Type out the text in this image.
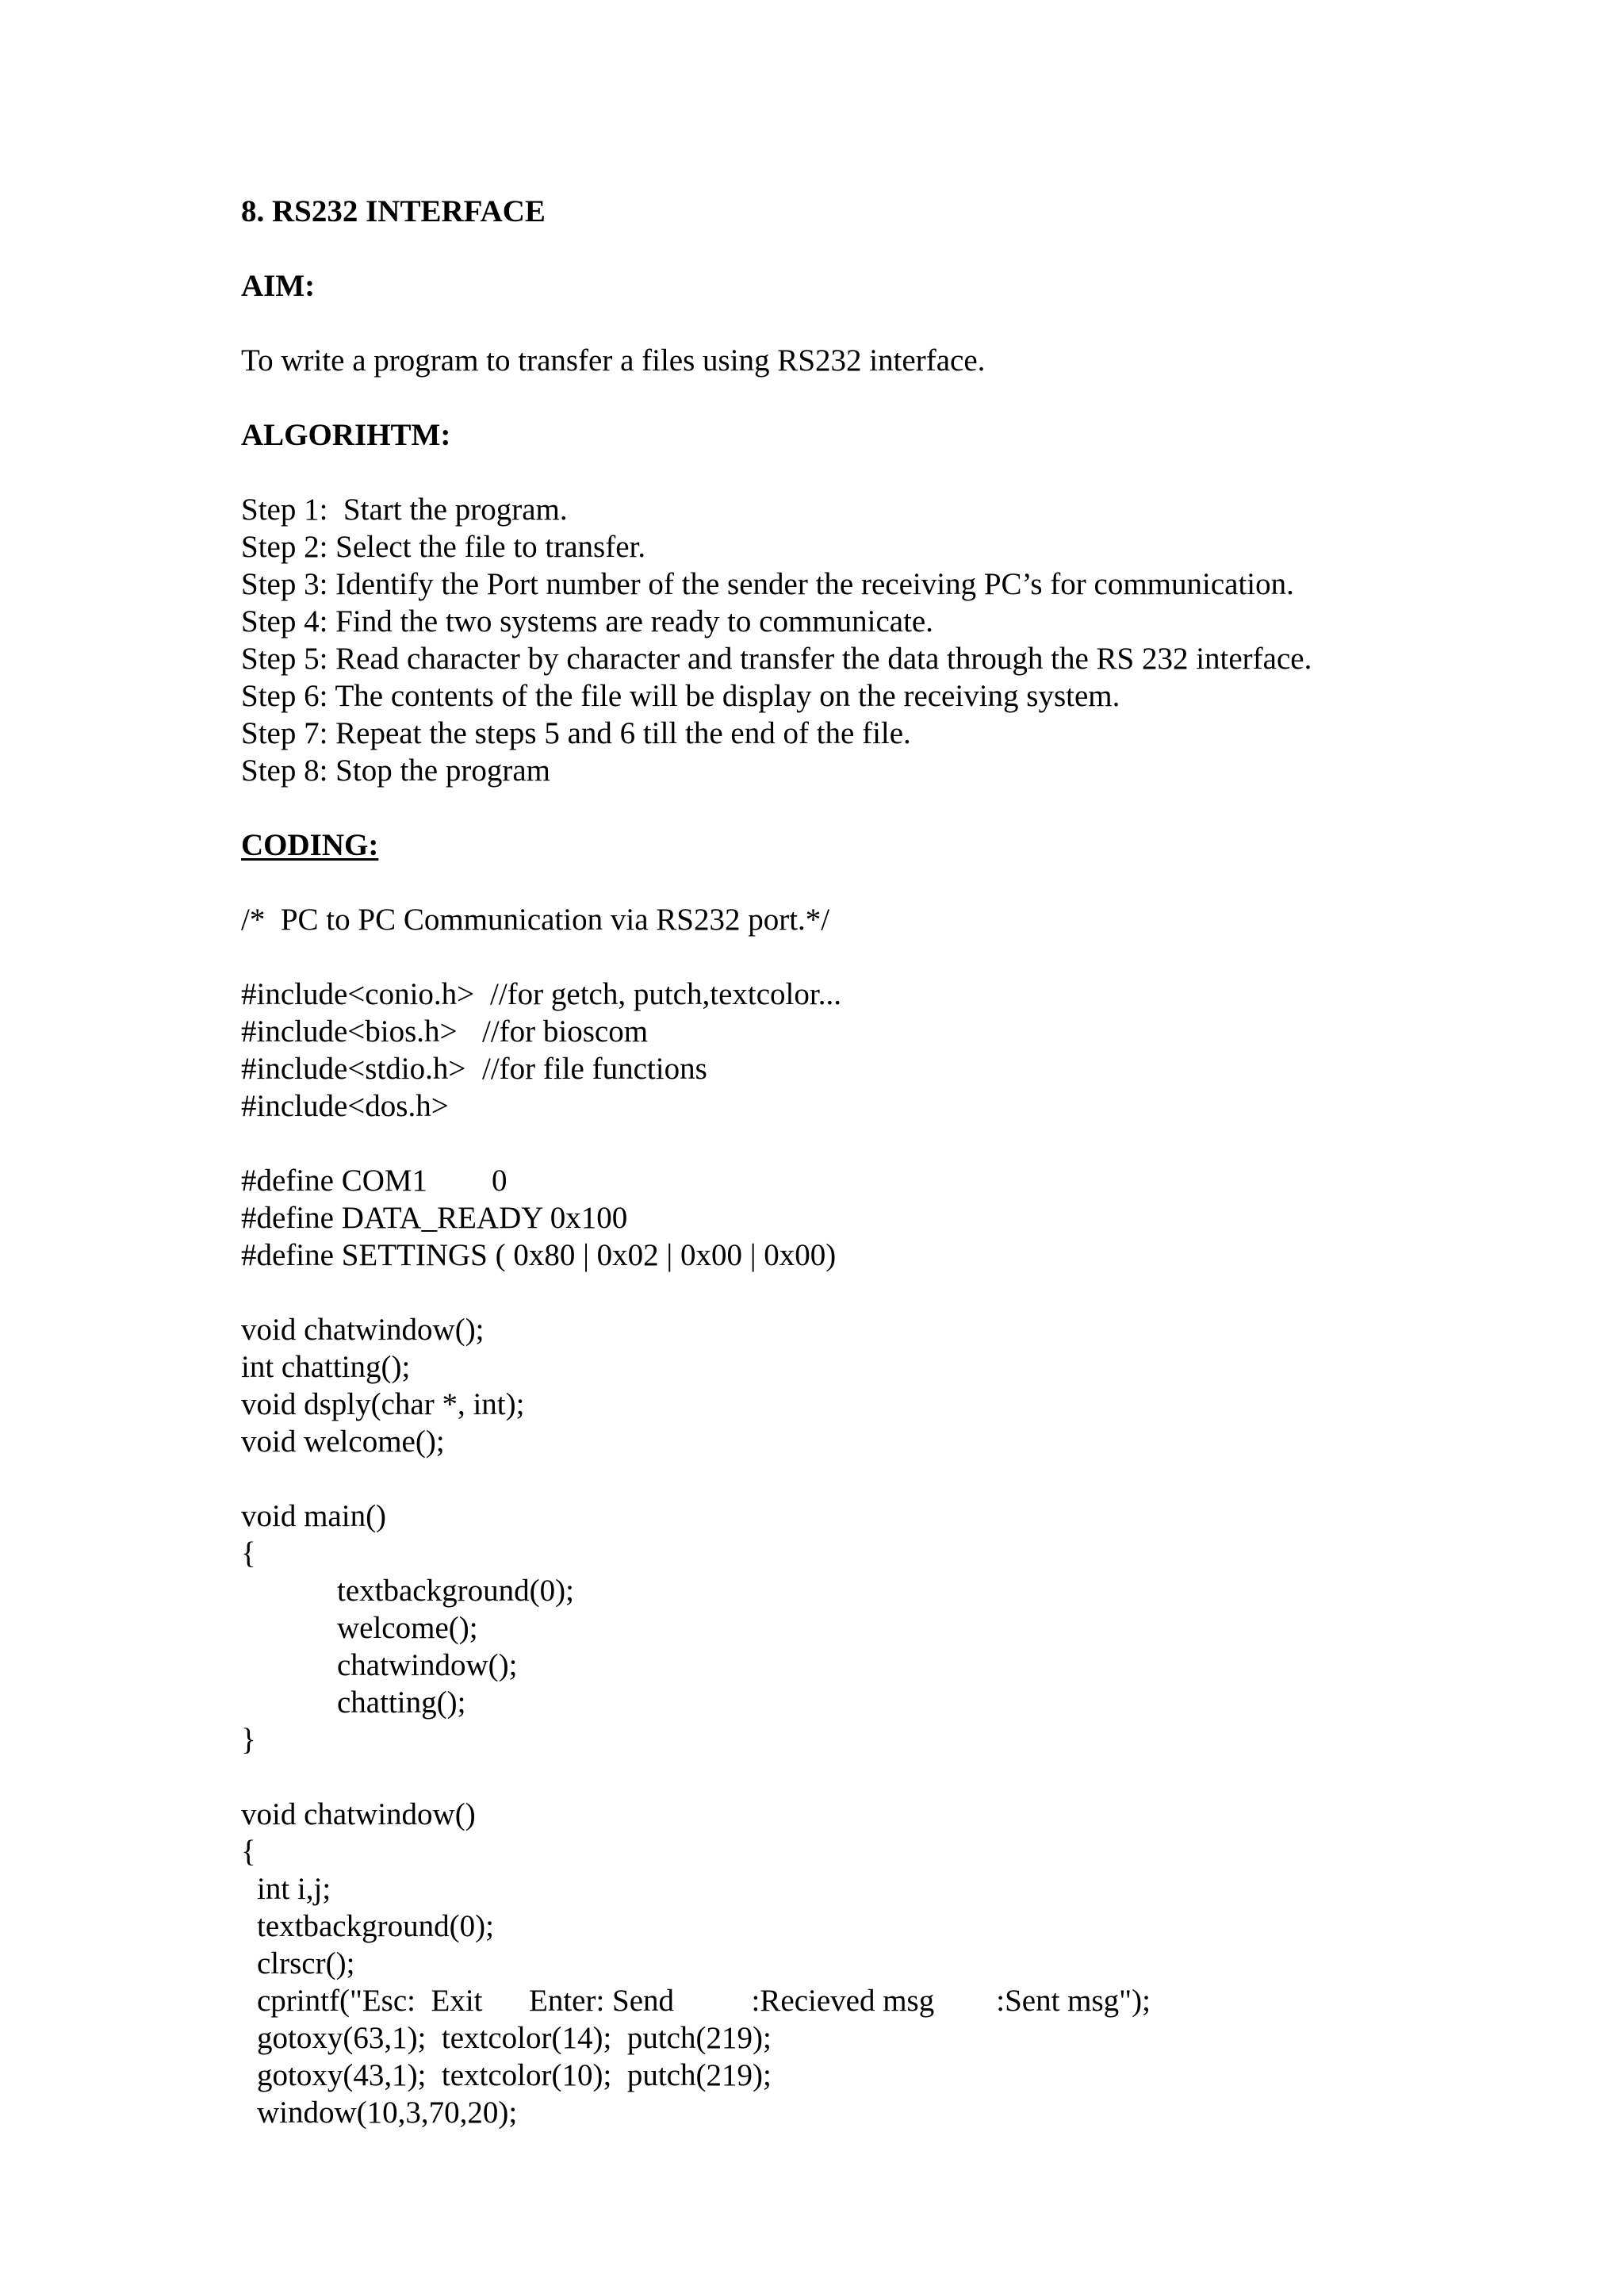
8. RS232 INTERFACE
AIM:
To write a program to transfer a files using RS232 interface.
ALGORIHTM:
Step 1:  Start the program.
Step 2: Select the file to transfer.
Step 3: Identify the Port number of the sender the receiving PC’s for communication.
Step 4: Find the two systems are ready to communicate.
Step 5: Read character by character and transfer the data through the RS 232 interface.
Step 6: The contents of the file will be display on the receiving system.
Step 7: Repeat the steps 5 and 6 till the end of the file.
Step 8: Stop the program
CODING:
/*  PC to PC Communication via RS232 port.*/
#include<conio.h> //for getch, putch,textcolor...
#include<bios.h> //for bioscom
#include<stdio.h> //for file functions
#include<dos.h>
#define COM1 0
#define DATA_READY 0x100
#define SETTINGS ( 0x80 | 0x02 | 0x00 | 0x00)
void chatwindow();
int chatting();
void dsply(char *, int);
void welcome();
void main()
{
textbackground(0);
welcome();
chatwindow();
chatting();
}
void chatwindow()
{
int i,j;
textbackground(0);
clrscr();
cprintf("Esc:  Exit      Enter: Send          :Recieved msg        :Sent msg");
gotoxy(63,1);  textcolor(14);  putch(219);
gotoxy(43,1);  textcolor(10);  putch(219);
window(10,3,70,20);
